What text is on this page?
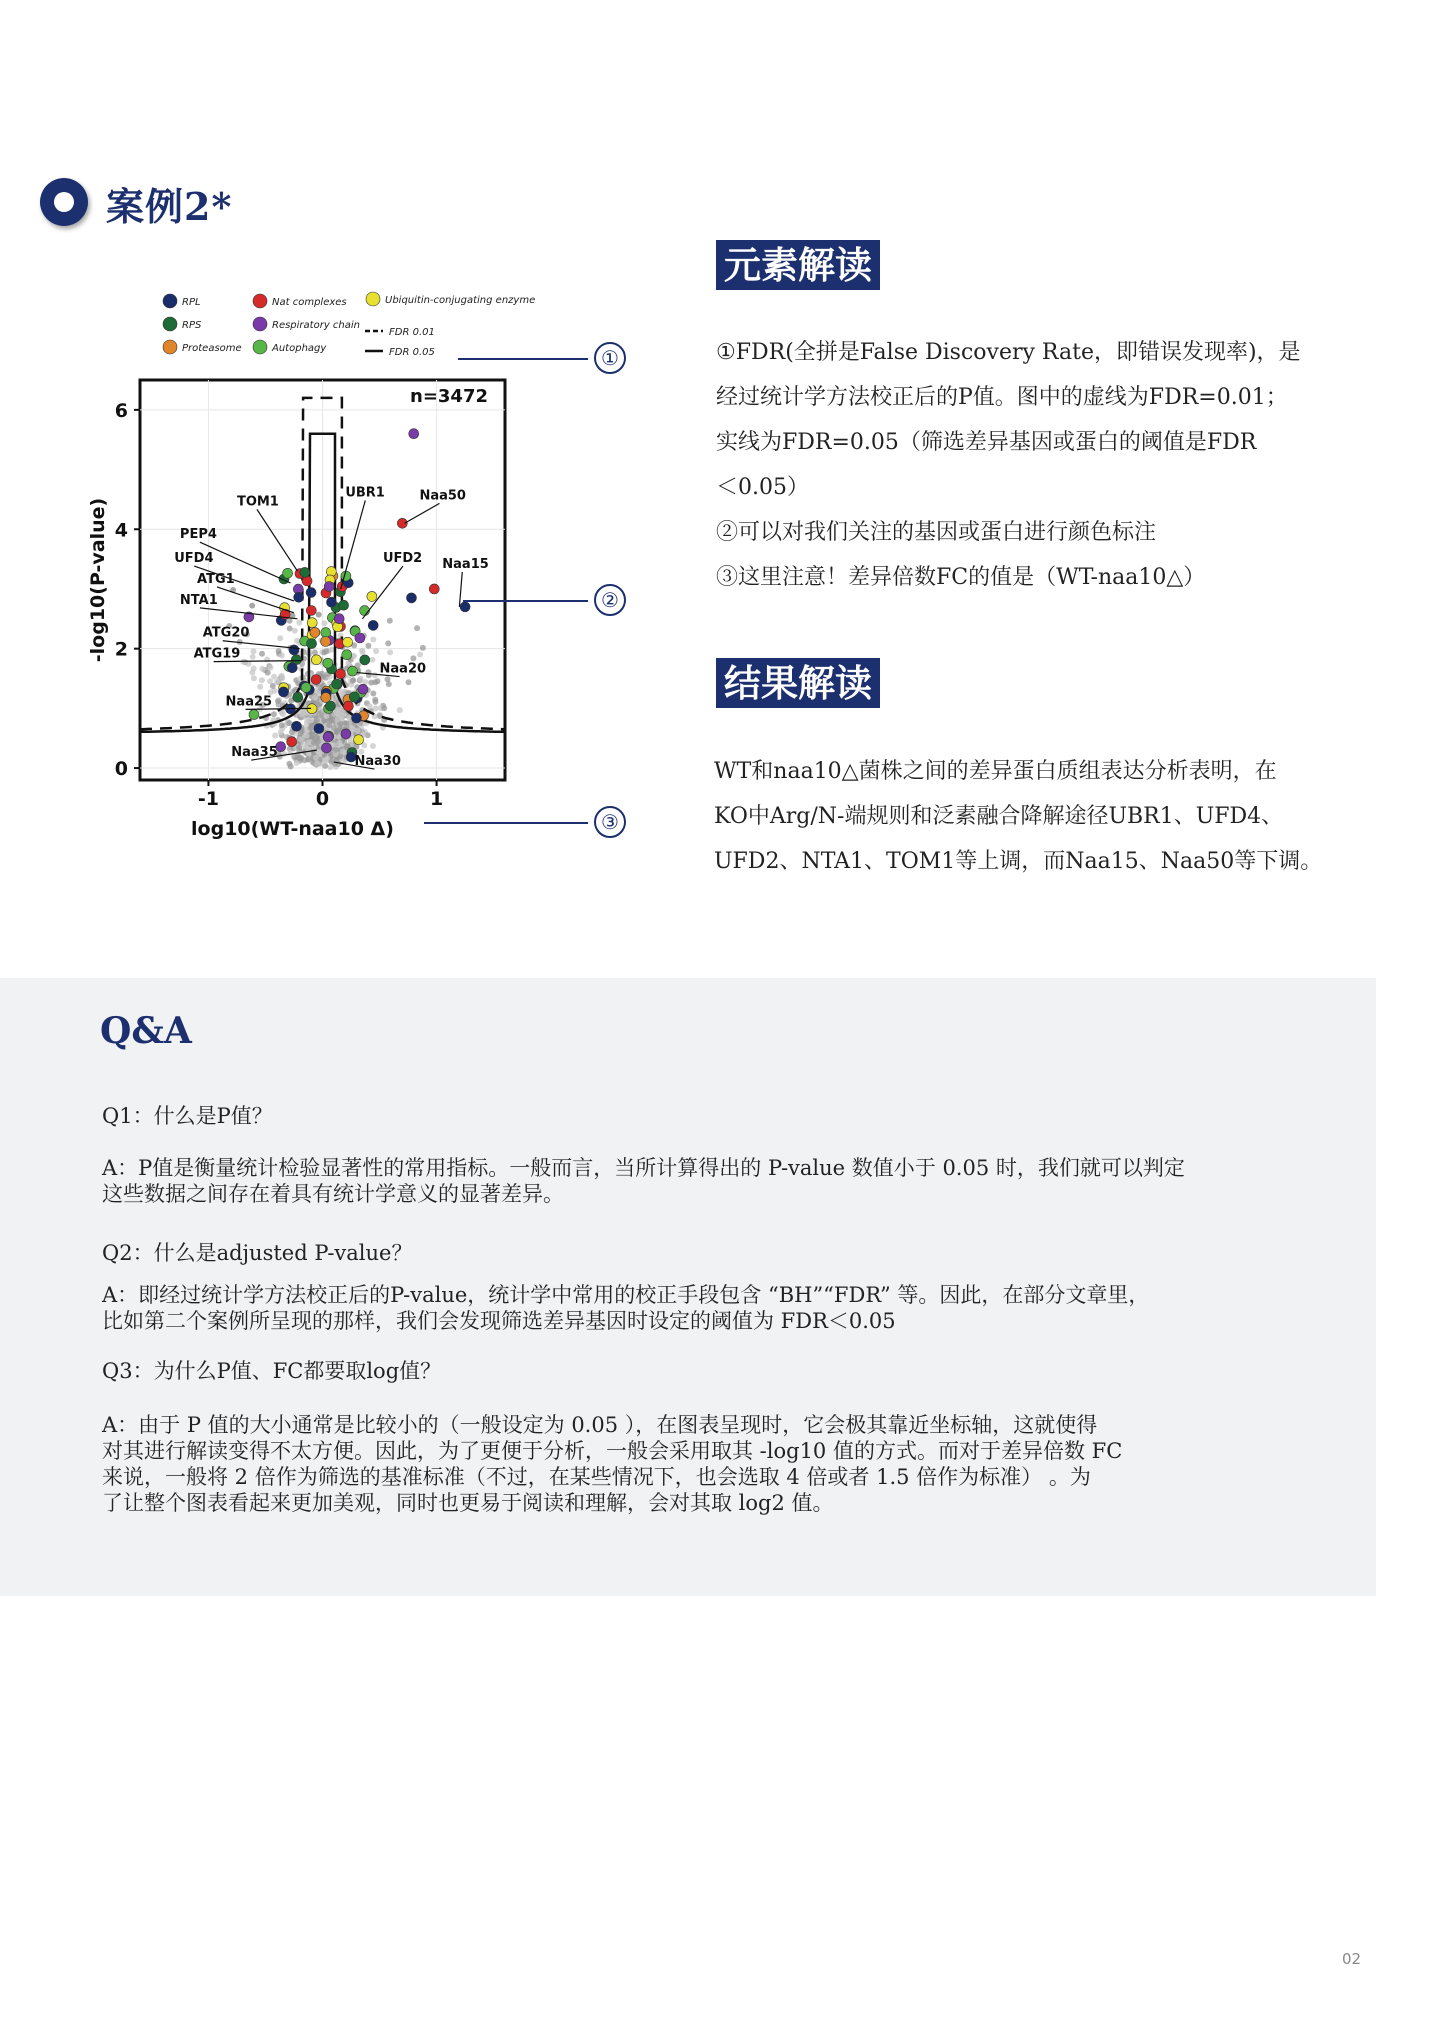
案例2*
RPL
RPS
Proteasome
Nat complexes
Respiratory chain
Autophagy
Ubiquitin-conjugating enzyme
FDR 0.01
FDR 0.05
TOM1
UBR1	Naa50
Naa15
PEP4
UFD4	UFD2
ATG1
NTA1
ATG20
ATG19
Naa20
Naa25
Naa35
Naa30
n=3472
-1	0	1
0
2
4
6
log10(WT-naa10 Δ)
-log10(P-value)
①
②
③
元素解读
①FDR(全拼是False Discovery Rate，即错误发现率)，是
经过统计学方法校正后的P值。图中的虚线为FDR=0.01；
实线为FDR=0.05（筛选差异基因或蛋白的阈值是FDR
＜0.05）
②可以对我们关注的基因或蛋白进行颜色标注
③这里注意！差异倍数FC的值是（WT-naa10△）
结果解读
WT和naa10△菌株之间的差异蛋白质组表达分析表明，在
KO中Arg/N-端规则和泛素融合降解途径UBR1、UFD4、
UFD2、NTA1、TOM1等上调，而Naa15、Naa50等下调。
Q&A
Q1：什么是P值？
A：P值是衡量统计检验显著性的常用指标。一般而言，当所计算得出的 P-value 数值小于 0.05 时，我们就可以判定
这些数据之间存在着具有统计学意义的显著差异。
Q2：什么是adjusted P-value？
A：即经过统计学方法校正后的P-value，统计学中常用的校正手段包含 “BH”“FDR” 等。因此，在部分文章里，
比如第二个案例所呈现的那样，我们会发现筛选差异基因时设定的阈值为 FDR＜0.05
Q3：为什么P值、FC都要取log值？
A：由于 P 值的大小通常是比较小的（一般设定为 0.05 ），在图表呈现时，它会极其靠近坐标轴，这就使得
对其进行解读变得不太方便。因此，为了更便于分析，一般会采用取其 -log10 值的方式。而对于差异倍数 FC
来说，一般将 2 倍作为筛选的基准标准（不过，在某些情况下，也会选取 4 倍或者 1.5 倍作为标准） 。为
了让整个图表看起来更加美观，同时也更易于阅读和理解，会对其取 log2 值。
02
